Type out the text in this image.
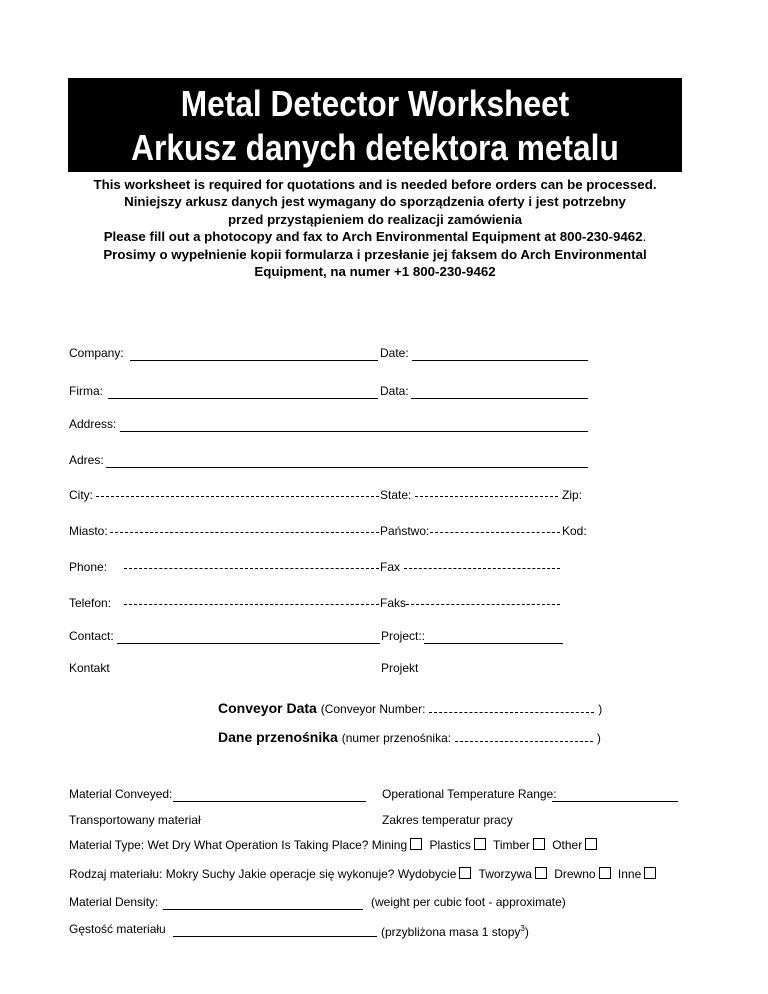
Metal Detector Worksheet
Arkusz danych detektora metalu
This worksheet is required for quotations and is needed before orders can be processed.
Niniejszy arkusz danych jest wymagany do sporządzenia oferty i jest potrzebny
przed przystąpieniem do realizacji zamówienia
Please fill out a photocopy and fax to Arch Environmental Equipment at 800-230-9462.
Prosimy o wypełnienie kopii formularza i przesłanie jej faksem do Arch Environmental
Equipment, na numer +1 800-230-9462
Company:	Date:
Firma:	Data:
Address:
Adres:
City:	State:	Zip:
Miasto:	Państwo:	Kod:
Phone:	Fax
Telefon:	Faks
Contact:	Project::
Kontakt	Projekt
Conveyor Data (Conveyor Number:	)
Dane przenośnika (numer przenośnika:	)
Material Conveyed:	Operational Temperature Range:
Transportowany materiał	Zakres temperatur pracy
Material Type: Wet Dry What Operation Is Taking Place? Mining Plastics Timber Other
Rodzaj materiału: Mokry Suchy Jakie operacje się wykonuje? Wydobycie Tworzywa Drewno Inne
Material Density:	(weight per cubic foot - approximate)
Gęstość materiału	(przybliżona masa 1 stopy$^3$)
